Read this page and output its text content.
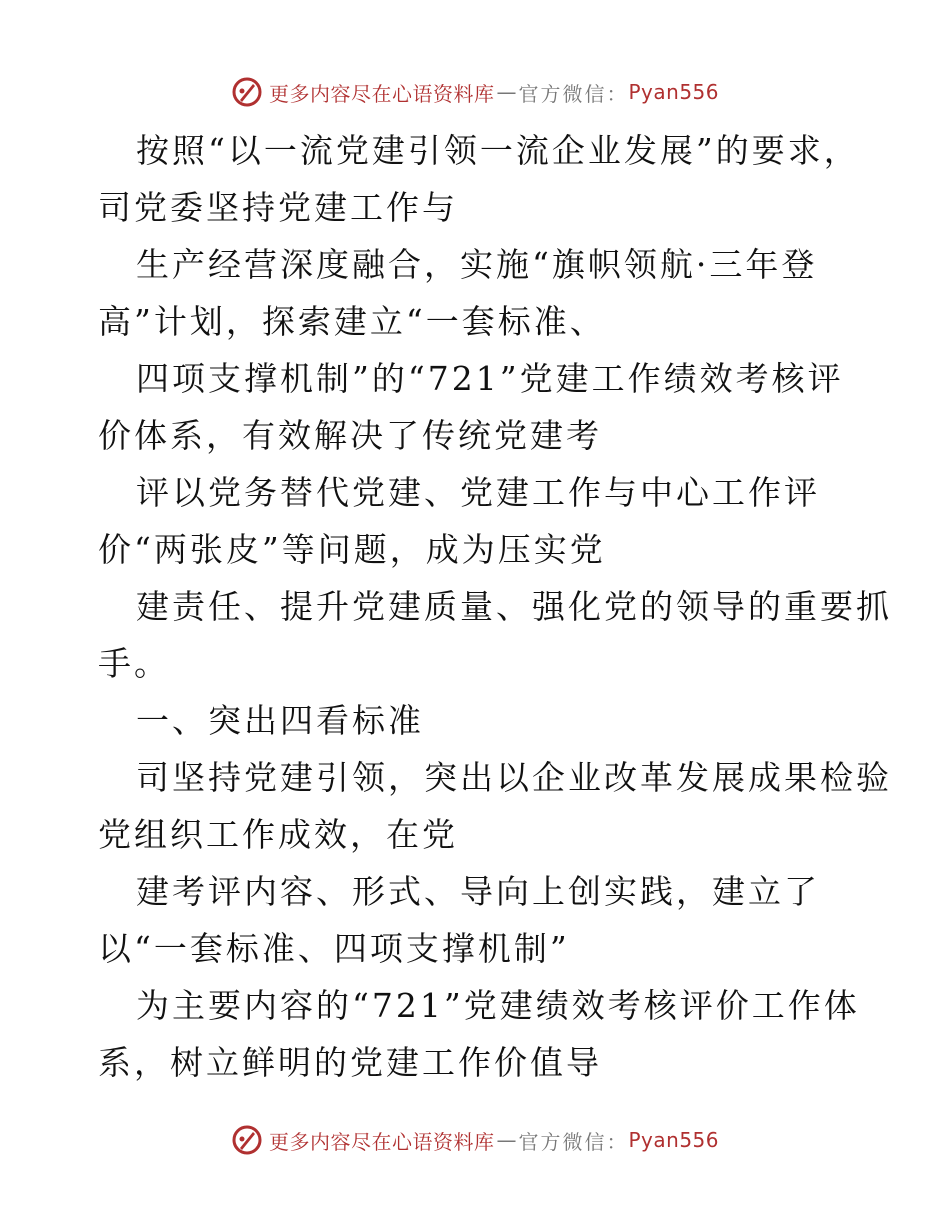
更多内容尽在心语资料库 — 官方微信： Pyan556
按照“以一流党建引领一流企业发展”的要求，
司党委坚持党建工作与
生产经营深度融合，实施“旗帜领航·三年登
高”计划，探索建立“一套标准、
四项支撑机制”的“721”党建工作绩效考核评
价体系，有效解决了传统党建考
评以党务替代党建、党建工作与中心工作评
价“两张皮”等问题，成为压实党
建责任、提升党建质量、强化党的领导的重要抓
手。
一、突出四看标准
司坚持党建引领，突出以企业改革发展成果检验
党组织工作成效，在党
建考评内容、形式、导向上创实践，建立了
以“一套标准、四项支撑机制”
为主要内容的“721”党建绩效考核评价工作体
系，树立鲜明的党建工作价值导
更多内容尽在心语资料库 — 官方微信： Pyan556
